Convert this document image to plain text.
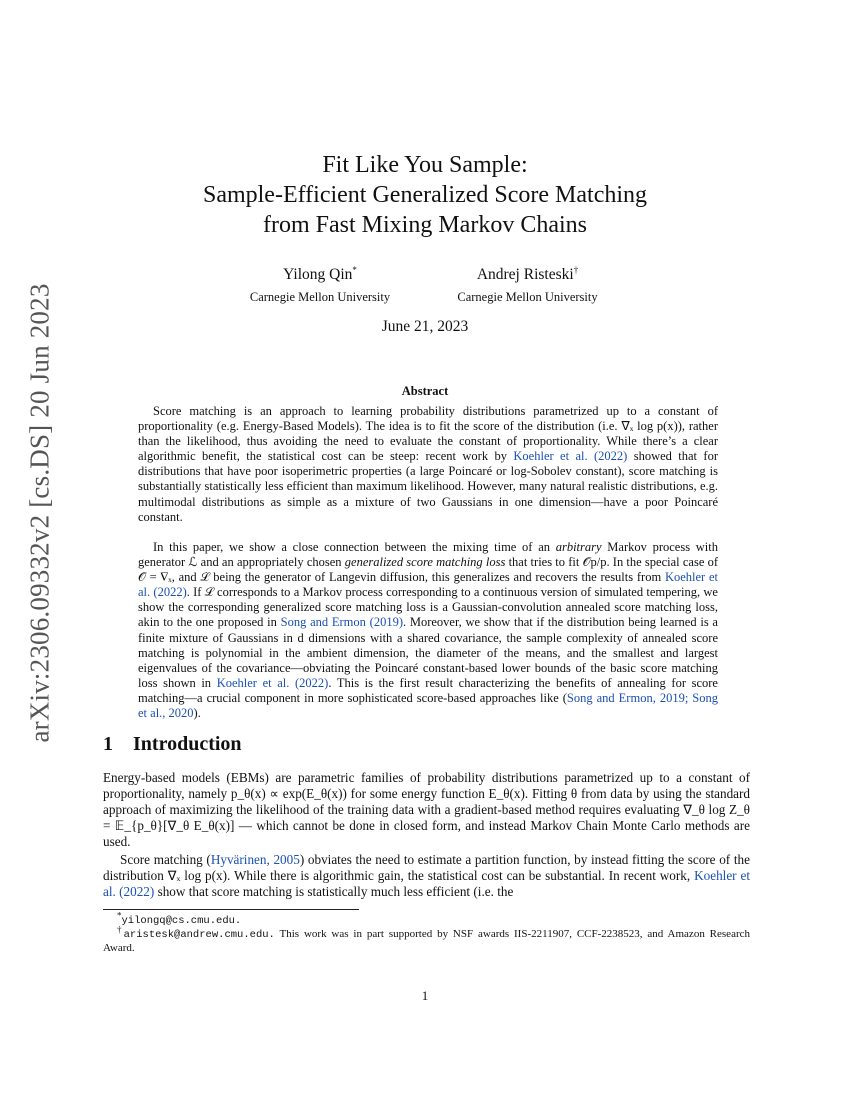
arXiv:2306.09332v2 [cs.DS] 20 Jun 2023
Fit Like You Sample:
Sample-Efficient Generalized Score Matching
from Fast Mixing Markov Chains
Yilong Qin*
Carnegie Mellon University
Andrej Risteski†
Carnegie Mellon University
June 21, 2023
Abstract
Score matching is an approach to learning probability distributions parametrized up to a constant of proportionality (e.g. Energy-Based Models). The idea is to fit the score of the distribution (i.e. ∇ₓ log p(x)), rather than the likelihood, thus avoiding the need to evaluate the constant of proportionality. While there’s a clear algorithmic benefit, the statistical cost can be steep: recent work by Koehler et al. (2022) showed that for distributions that have poor isoperimetric properties (a large Poincaré or log-Sobolev constant), score matching is substantially statistically less efficient than maximum likelihood. However, many natural realistic distributions, e.g. multimodal distributions as simple as a mixture of two Gaussians in one dimension—have a poor Poincaré constant.
In this paper, we show a close connection between the mixing time of an arbitrary Markov process with generator ℒ and an appropriately chosen generalized score matching loss that tries to fit 𝒪p/p. In the special case of 𝒪 = ∇ₓ, and ℒ being the generator of Langevin diffusion, this generalizes and recovers the results from Koehler et al. (2022). If ℒ corresponds to a Markov process corresponding to a continuous version of simulated tempering, we show the corresponding generalized score matching loss is a Gaussian-convolution annealed score matching loss, akin to the one proposed in Song and Ermon (2019). Moreover, we show that if the distribution being learned is a finite mixture of Gaussians in d dimensions with a shared covariance, the sample complexity of annealed score matching is polynomial in the ambient dimension, the diameter of the means, and the smallest and largest eigenvalues of the covariance—obviating the Poincaré constant-based lower bounds of the basic score matching loss shown in Koehler et al. (2022). This is the first result characterizing the benefits of annealing for score matching—a crucial component in more sophisticated score-based approaches like (Song and Ermon, 2019; Song et al., 2020).
1 Introduction
Energy-based models (EBMs) are parametric families of probability distributions parametrized up to a constant of proportionality, namely p_θ(x) ∝ exp(E_θ(x)) for some energy function E_θ(x). Fitting θ from data by using the standard approach of maximizing the likelihood of the training data with a gradient-based method requires evaluating ∇_θ log Z_θ = 𝔼_{p_θ}[∇_θ E_θ(x)] — which cannot be done in closed form, and instead Markov Chain Monte Carlo methods are used.
Score matching (Hyvärinen, 2005) obviates the need to estimate a partition function, by instead fitting the score of the distribution ∇ₓ log p(x). While there is algorithmic gain, the statistical cost can be substantial. In recent work, Koehler et al. (2022) show that score matching is statistically much less efficient (i.e. the
*yilongq@cs.cmu.edu.
†aristesk@andrew.cmu.edu. This work was in part supported by NSF awards IIS-2211907, CCF-2238523, and Amazon Research Award.
1
